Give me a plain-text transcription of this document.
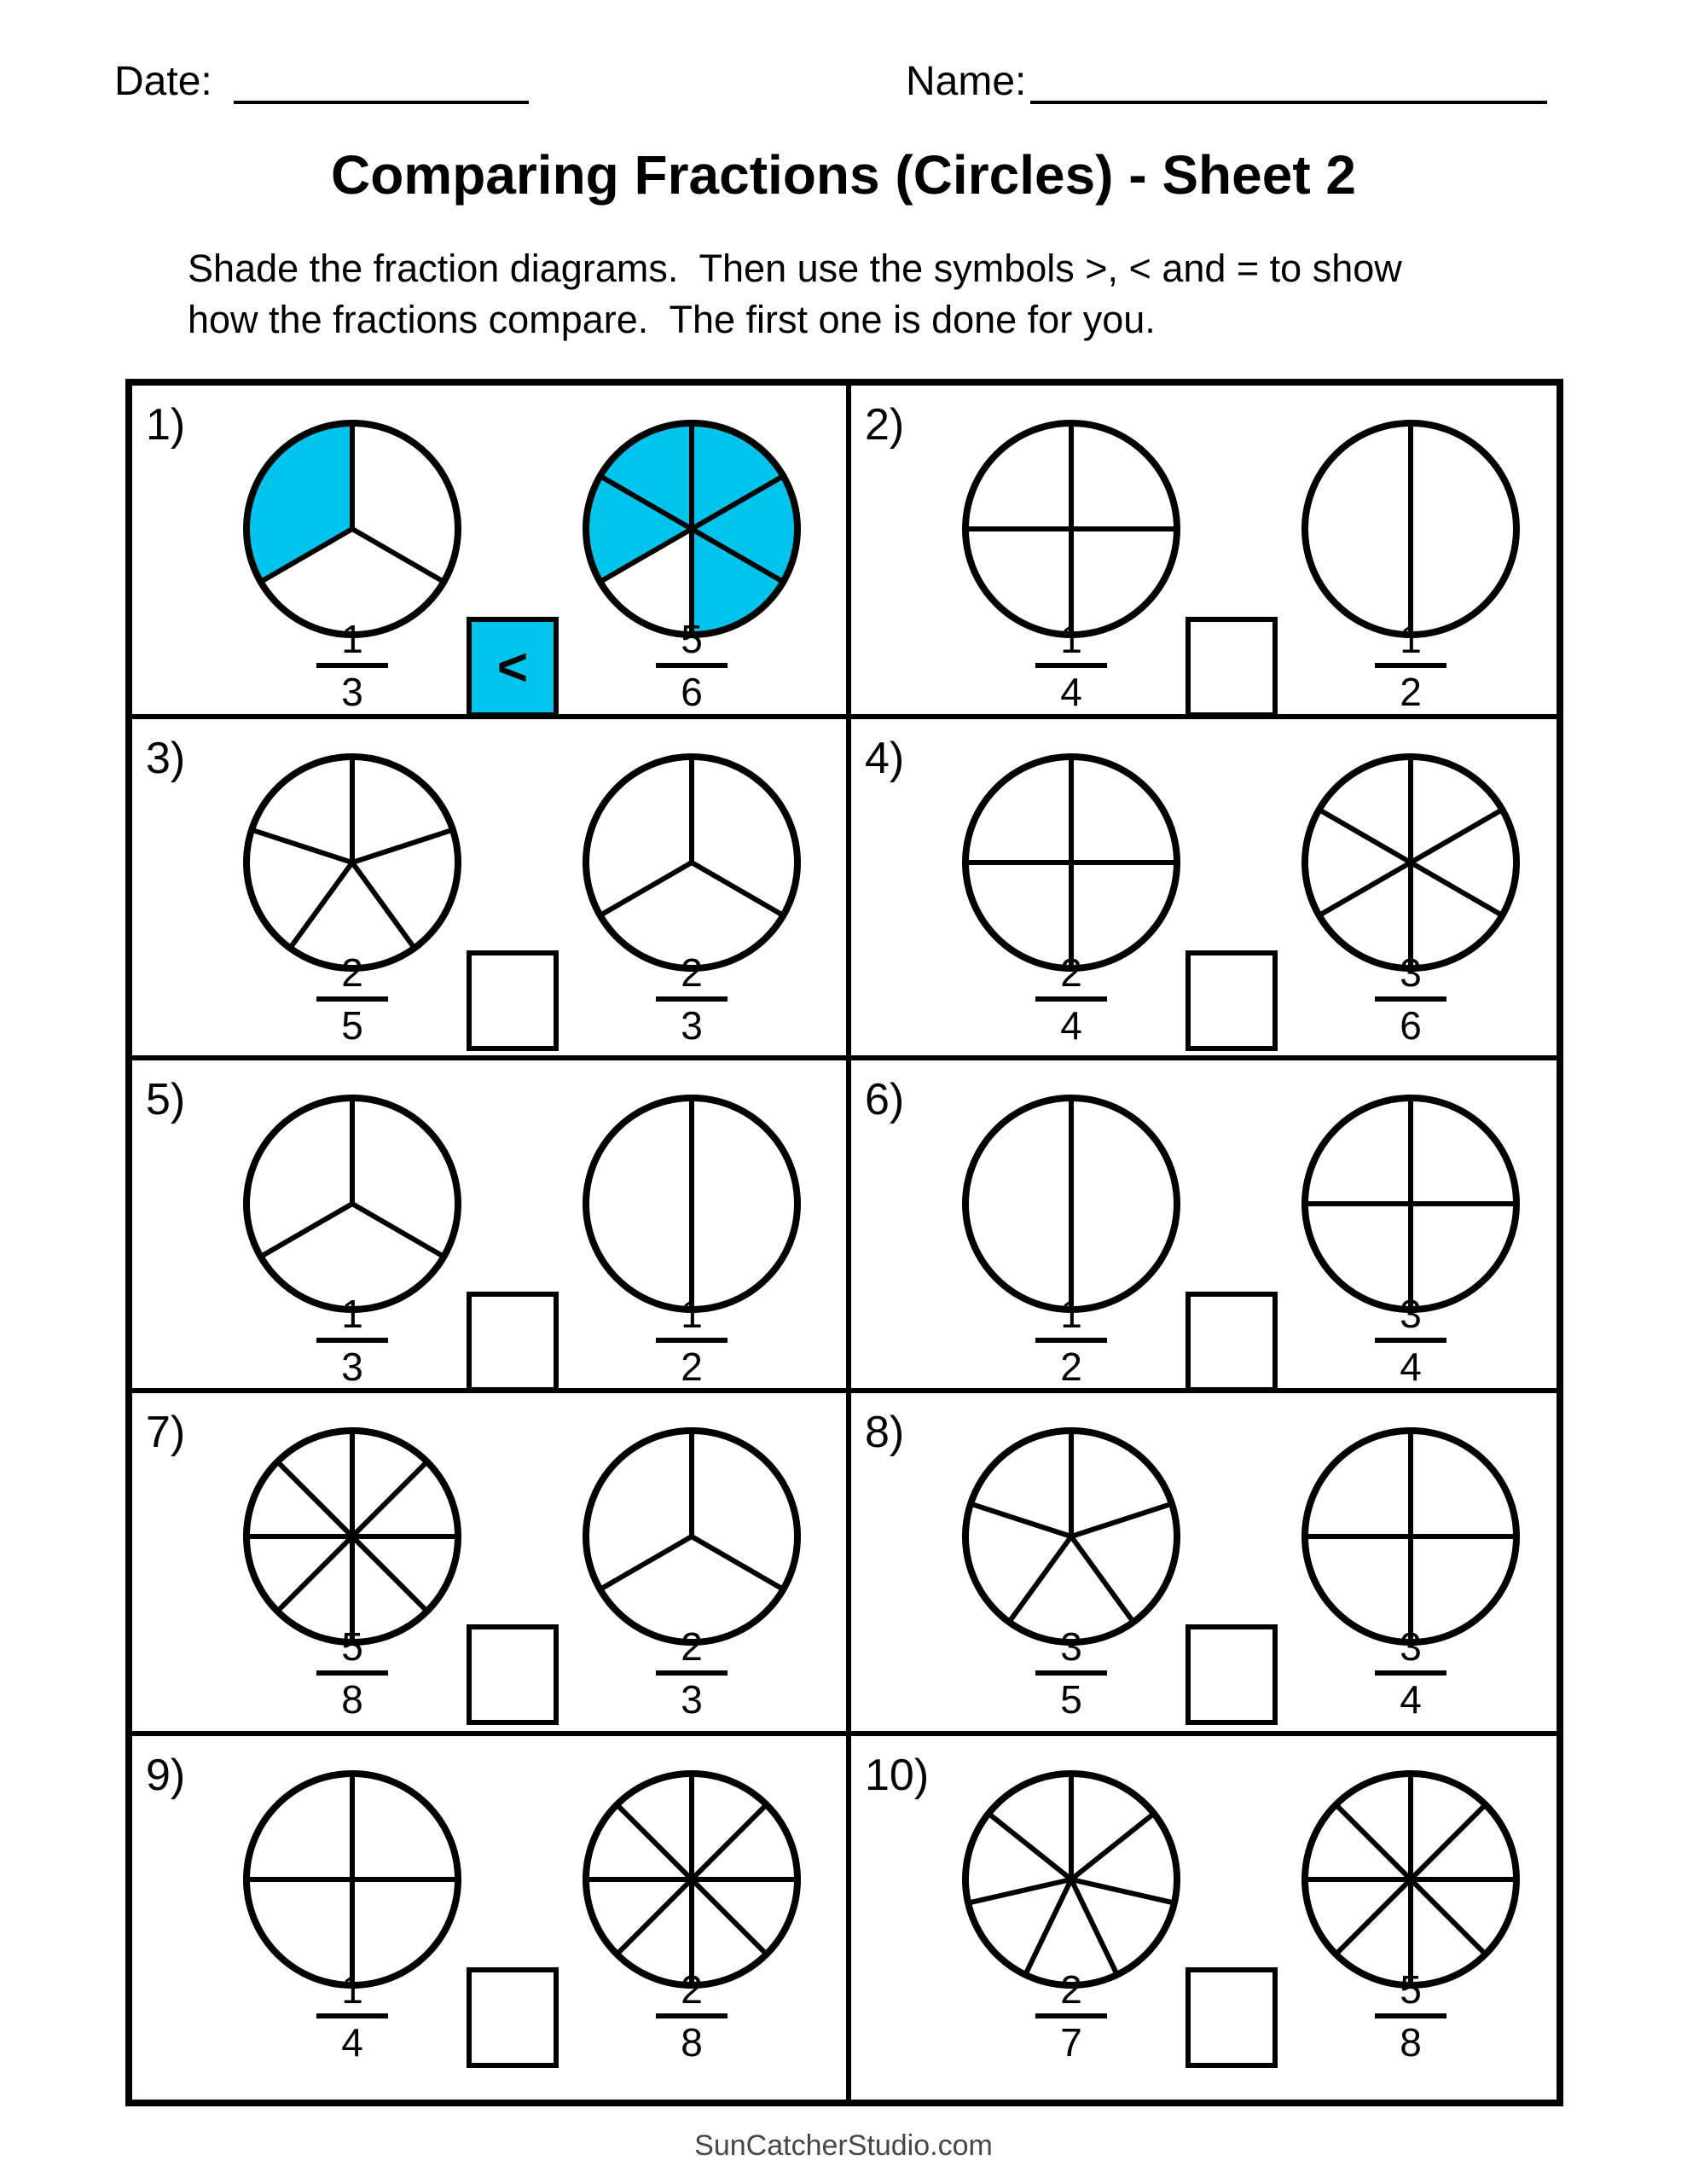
Date:	Name:
Comparing Fractions (Circles) - Sheet 2
Shade the fraction diagrams.  Then use the symbols >, < and = to show
how the fractions compare.  The first one is done for you.
1)
1
3	<	5
6
2)
1
4
1
2
3)
2
5
2
3
4)
2
4
3
6
5)
1
3
1
2
6)
1
2
3
4
7)
5
8
2
3
8)
3
5
3
4
9)
1
4
2
8
10)
2
7
5
8
SunCatcherStudio.com
